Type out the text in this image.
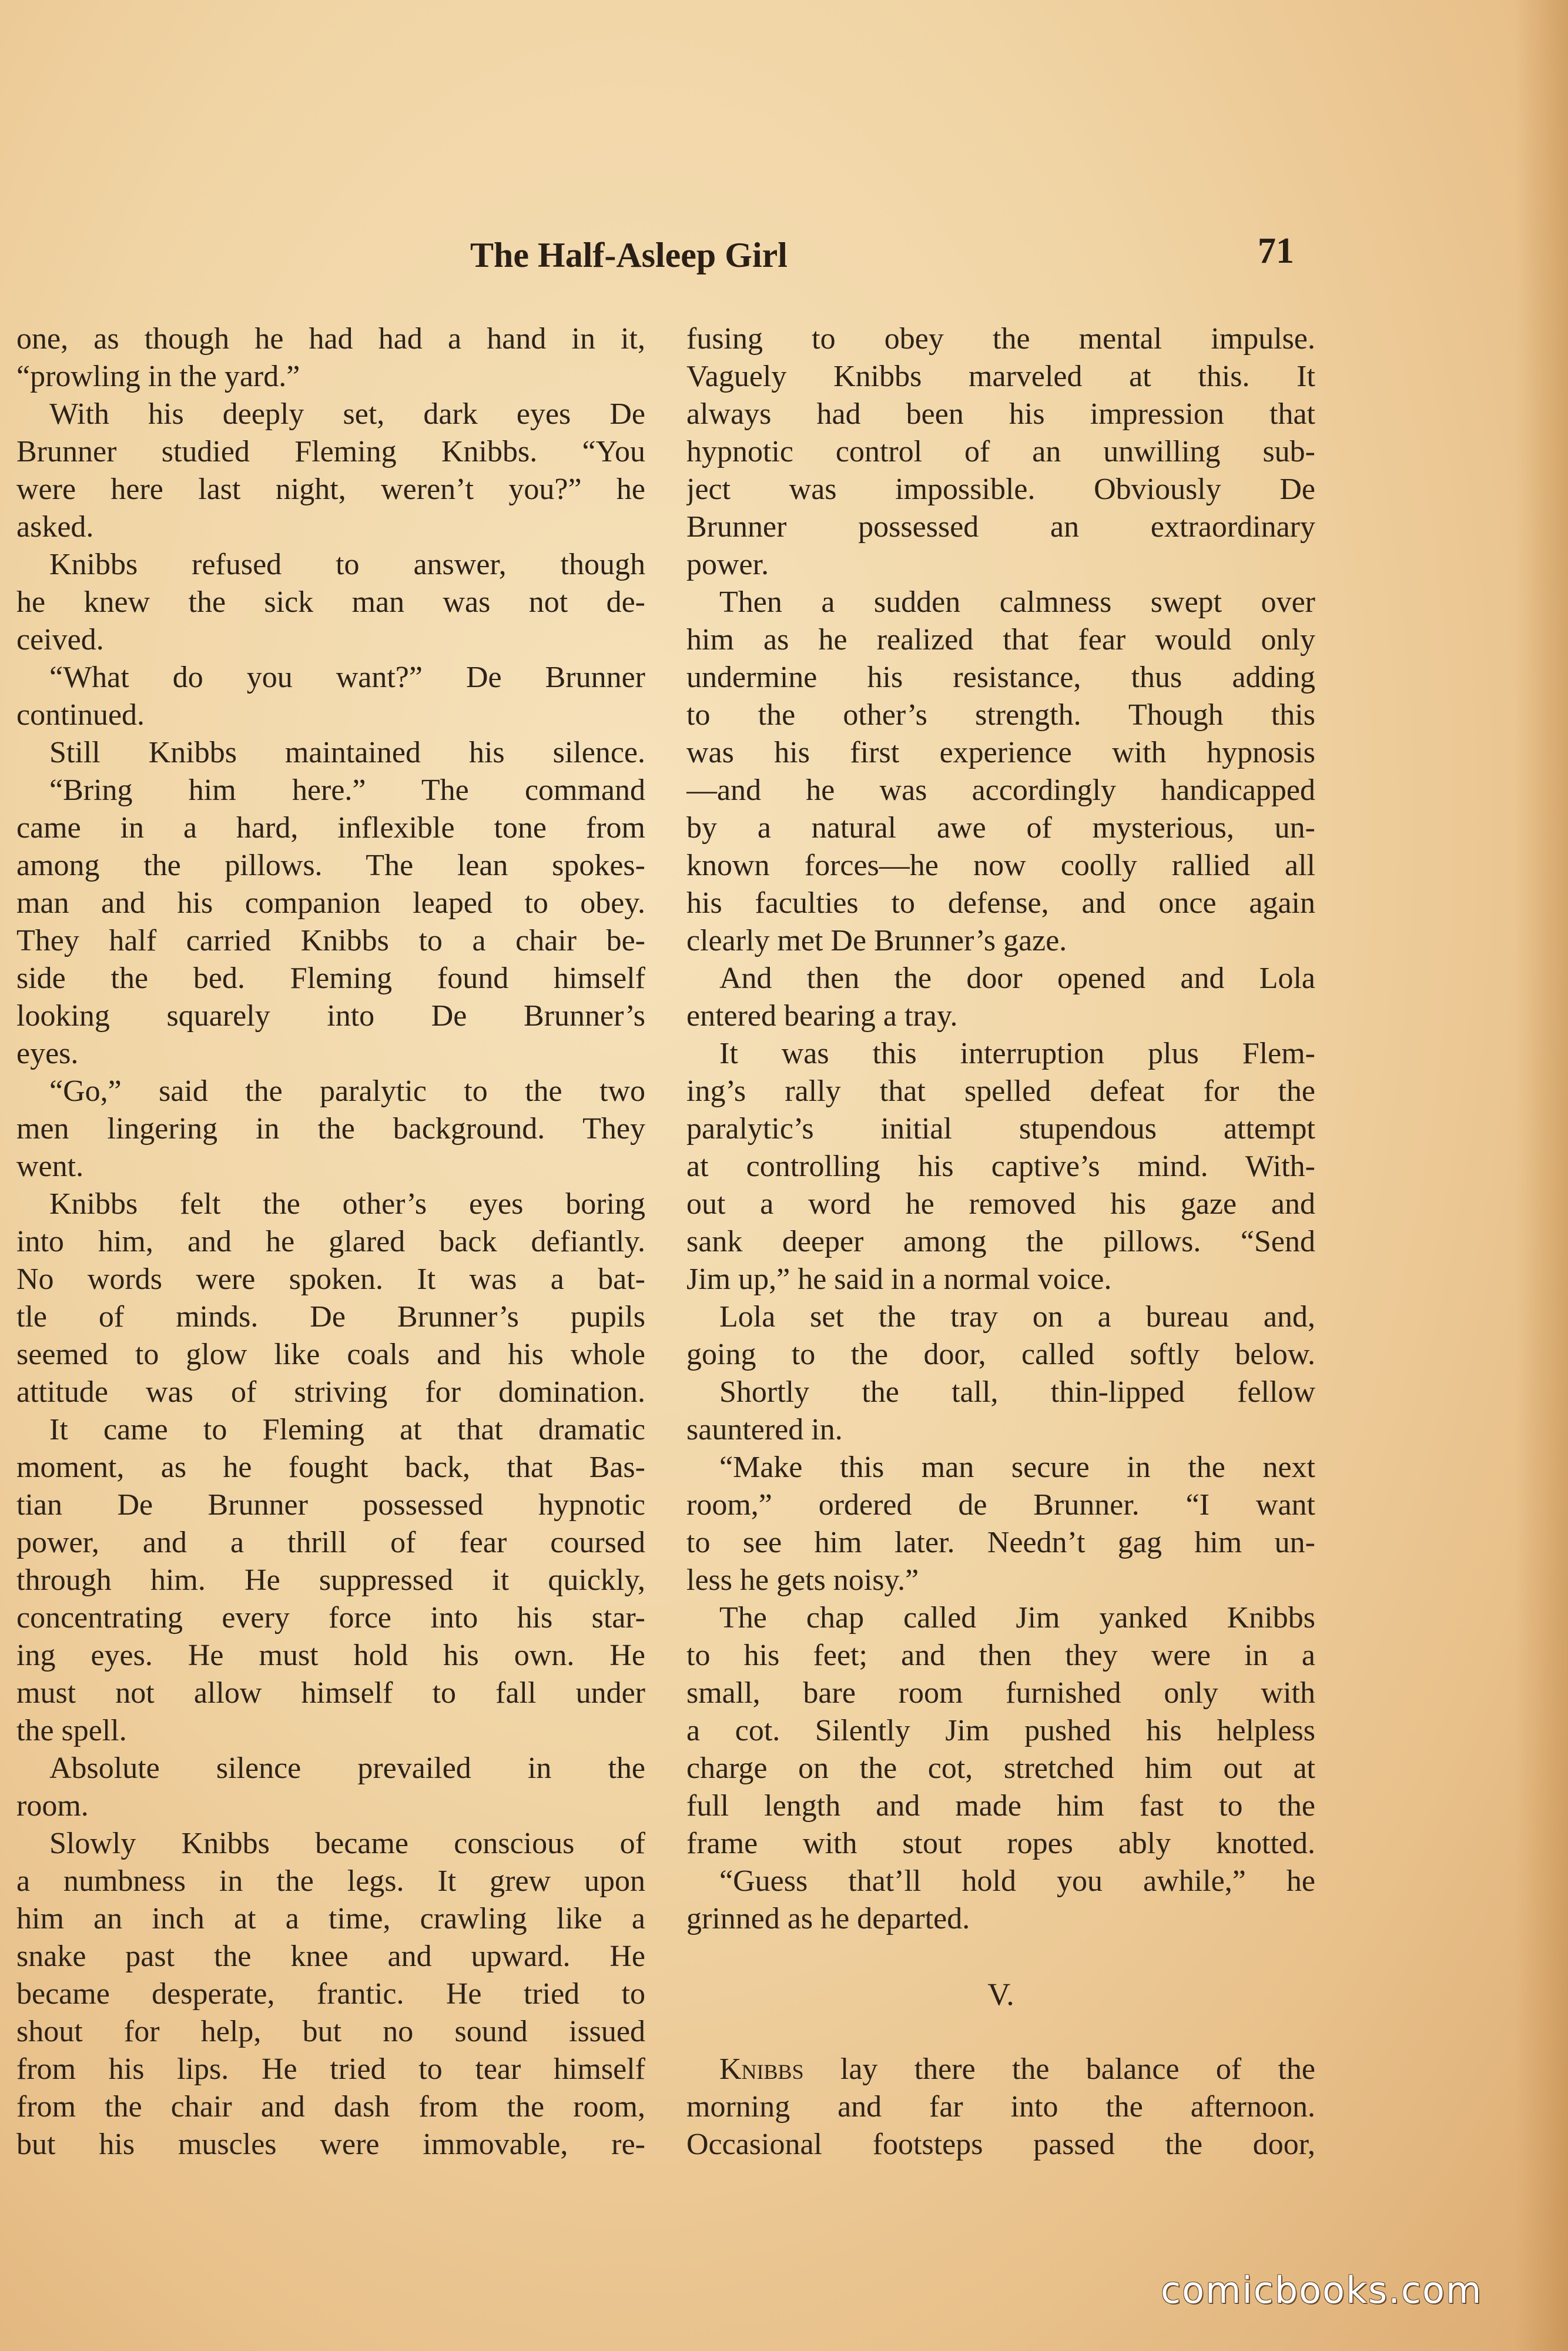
The Half-Asleep Girl	71
one, as though he had had a hand in it,
“prowling in the yard.”
With his deeply set, dark eyes De
Brunner studied Fleming Knibbs. “You
were here last night, weren’t you?” he
asked.
Knibbs refused to answer, though
he knew the sick man was not de-
ceived.
“What do you want?” De Brunner
continued.
Still Knibbs maintained his silence.
“Bring him here.” The command
came in a hard, inflexible tone from
among the pillows. The lean spokes-
man and his companion leaped to obey.
They half carried Knibbs to a chair be-
side the bed. Fleming found himself
looking squarely into De Brunner’s
eyes.
“Go,” said the paralytic to the two
men lingering in the background. They
went.
Knibbs felt the other’s eyes boring
into him, and he glared back defiantly.
No words were spoken. It was a bat-
tle of minds. De Brunner’s pupils
seemed to glow like coals and his whole
attitude was of striving for domination.
It came to Fleming at that dramatic
moment, as he fought back, that Bas-
tian De Brunner possessed hypnotic
power, and a thrill of fear coursed
through him. He suppressed it quickly,
concentrating every force into his star-
ing eyes. He must hold his own. He
must not allow himself to fall under
the spell.
Absolute silence prevailed in the
room.
Slowly Knibbs became conscious of
a numbness in the legs. It grew upon
him an inch at a time, crawling like a
snake past the knee and upward. He
became desperate, frantic. He tried to
shout for help, but no sound issued
from his lips. He tried to tear himself
from the chair and dash from the room,
but his muscles were immovable, re-
fusing to obey the mental impulse.
Vaguely Knibbs marveled at this. It
always had been his impression that
hypnotic control of an unwilling sub-
ject was impossible. Obviously De
Brunner possessed an extraordinary
power.
Then a sudden calmness swept over
him as he realized that fear would only
undermine his resistance, thus adding
to the other’s strength. Though this
was his first experience with hypnosis
—and he was accordingly handicapped
by a natural awe of mysterious, un-
known forces—he now coolly rallied all
his faculties to defense, and once again
clearly met De Brunner’s gaze.
And then the door opened and Lola
entered bearing a tray.
It was this interruption plus Flem-
ing’s rally that spelled defeat for the
paralytic’s initial stupendous attempt
at controlling his captive’s mind. With-
out a word he removed his gaze and
sank deeper among the pillows. “Send
Jim up,” he said in a normal voice.
Lola set the tray on a bureau and,
going to the door, called softly below.
Shortly the tall, thin-lipped fellow
sauntered in.
“Make this man secure in the next
room,” ordered de Brunner. “I want
to see him later. Needn’t gag him un-
less he gets noisy.”
The chap called Jim yanked Knibbs
to his feet; and then they were in a
small, bare room furnished only with
a cot. Silently Jim pushed his helpless
charge on the cot, stretched him out at
full length and made him fast to the
frame with stout ropes ably knotted.
“Guess that’ll hold you awhile,” he
grinned as he departed.
V.
Knibbs lay there the balance of the
morning and far into the afternoon.
Occasional footsteps passed the door,
comicbooks.com
